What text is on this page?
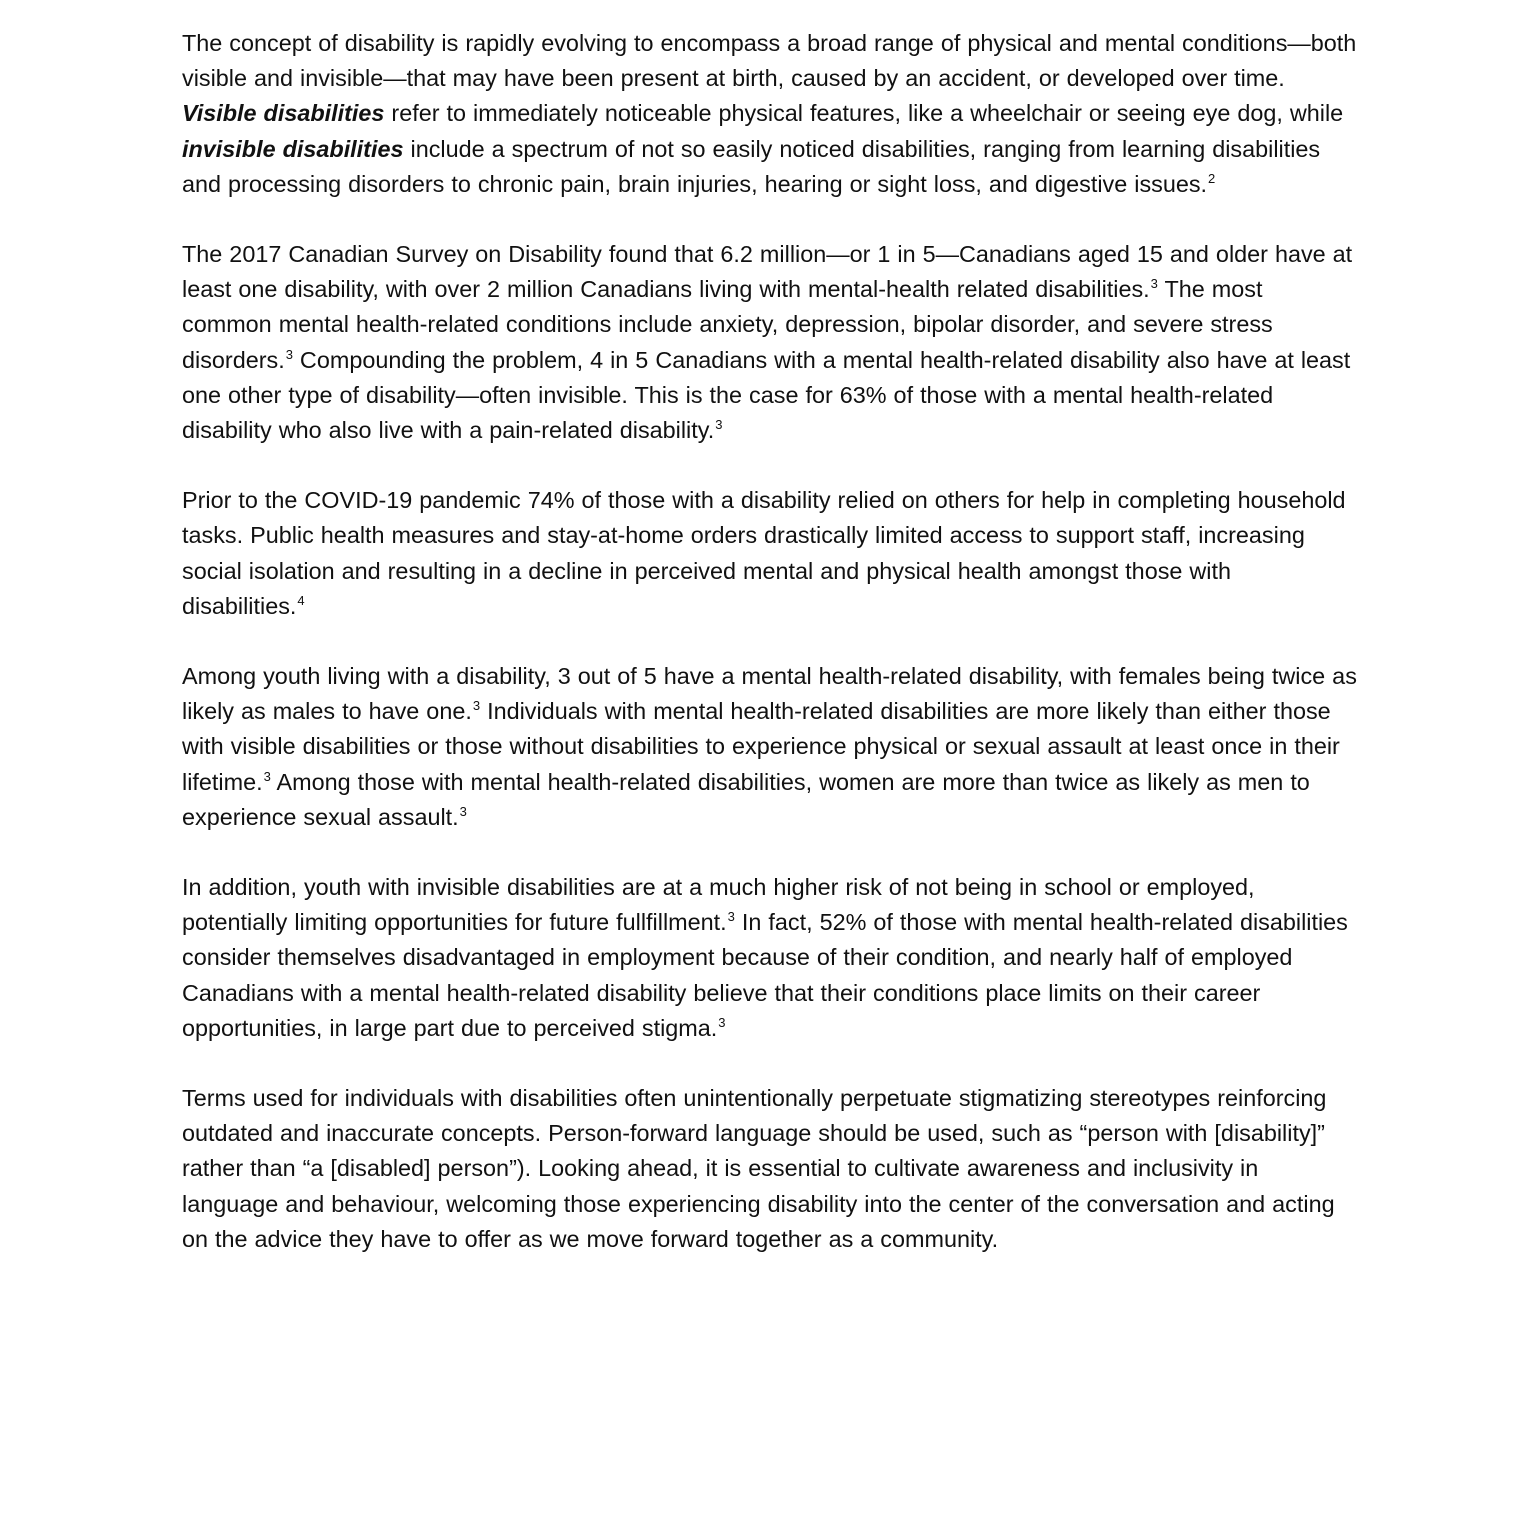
The concept of disability is rapidly evolving to encompass a broad range of physical and mental conditions—both visible and invisible—that may have been present at birth, caused by an accident, or developed over time. Visible disabilities refer to immediately noticeable physical features, like a wheelchair or seeing eye dog, while invisible disabilities include a spectrum of not so easily noticed disabilities, ranging from learning disabilities and processing disorders to chronic pain, brain injuries, hearing or sight loss, and digestive issues.$^2$

The 2017 Canadian Survey on Disability found that 6.2 million—or 1 in 5—Canadians aged 15 and older have at least one disability, with over 2 million Canadians living with mental-health related disabilities.$^3$ The most common mental health-related conditions include anxiety, depression, bipolar disorder, and severe stress disorders.$^3$ Compounding the problem, 4 in 5 Canadians with a mental health-related disability also have at least one other type of disability—often invisible. This is the case for 63% of those with a mental health-related disability who also live with a pain-related disability.$^3$

Prior to the COVID-19 pandemic 74% of those with a disability relied on others for help in completing household tasks. Public health measures and stay-at-home orders drastically limited access to support staff, increasing social isolation and resulting in a decline in perceived mental and physical health amongst those with disabilities.$^4$

Among youth living with a disability, 3 out of 5 have a mental health-related disability, with females being twice as likely as males to have one.$^3$ Individuals with mental health-related disabilities are more likely than either those with visible disabilities or those without disabilities to experience physical or sexual assault at least once in their lifetime.$^3$ Among those with mental health-related disabilities, women are more than twice as likely as men to experience sexual assault.$^3$

In addition, youth with invisible disabilities are at a much higher risk of not being in school or employed, potentially limiting opportunities for future fullfillment.$^3$ In fact, 52% of those with mental health-related disabilities consider themselves disadvantaged in employment because of their condition, and nearly half of employed Canadians with a mental health-related disability believe that their conditions place limits on their career opportunities, in large part due to perceived stigma.$^3$

Terms used for individuals with disabilities often unintentionally perpetuate stigmatizing stereotypes reinforcing outdated and inaccurate concepts. Person-forward language should be used, such as “person with [disability]” rather than “a [disabled] person”). Looking ahead, it is essential to cultivate awareness and inclusivity in language and behaviour, welcoming those experiencing disability into the center of the conversation and acting on the advice they have to offer as we move forward together as a community.
